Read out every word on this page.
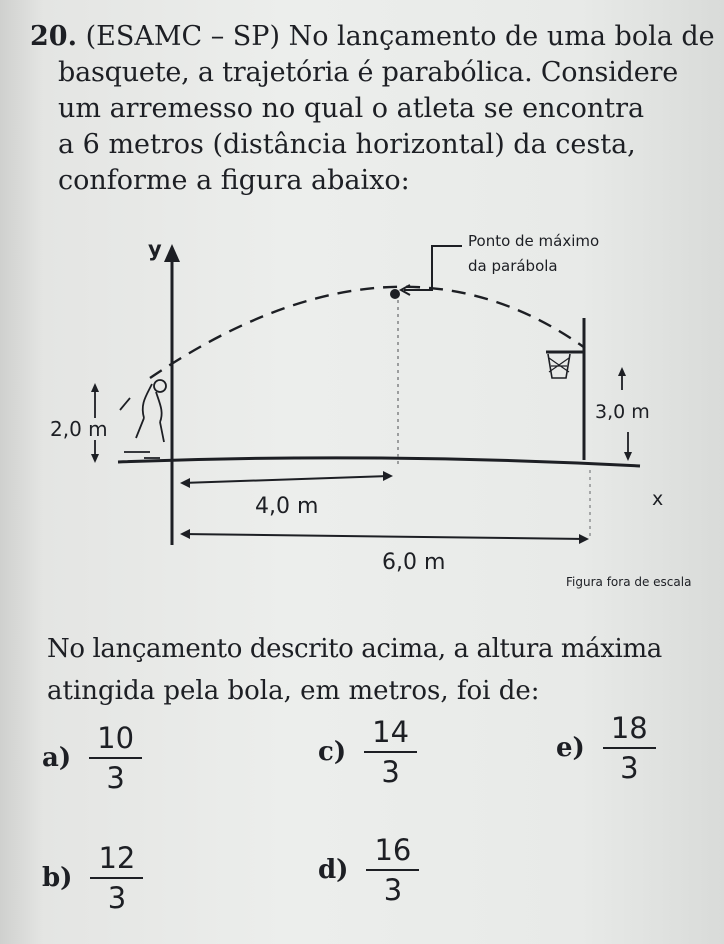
20. (ESAMC – SP) No lançamento de uma bola de
basquete, a trajetória é parabólica. Considere
um arremesso no qual o atleta se encontra
a 6 metros (distância horizontal) da cesta,
conforme a figura abaixo:
y
x
Ponto de máximo
da parábola
2,0 m
3,0 m
4,0 m
6,0 m
Figura fora de escala
No lançamento descrito acima, a altura máxima
atingida pela bola, em metros, foi de:
$a) \frac{10}{3}$
$b) \frac{12}{3}$
$c) \frac{14}{3}$
$d) \frac{16}{3}$
$e) \frac{18}{3}$
